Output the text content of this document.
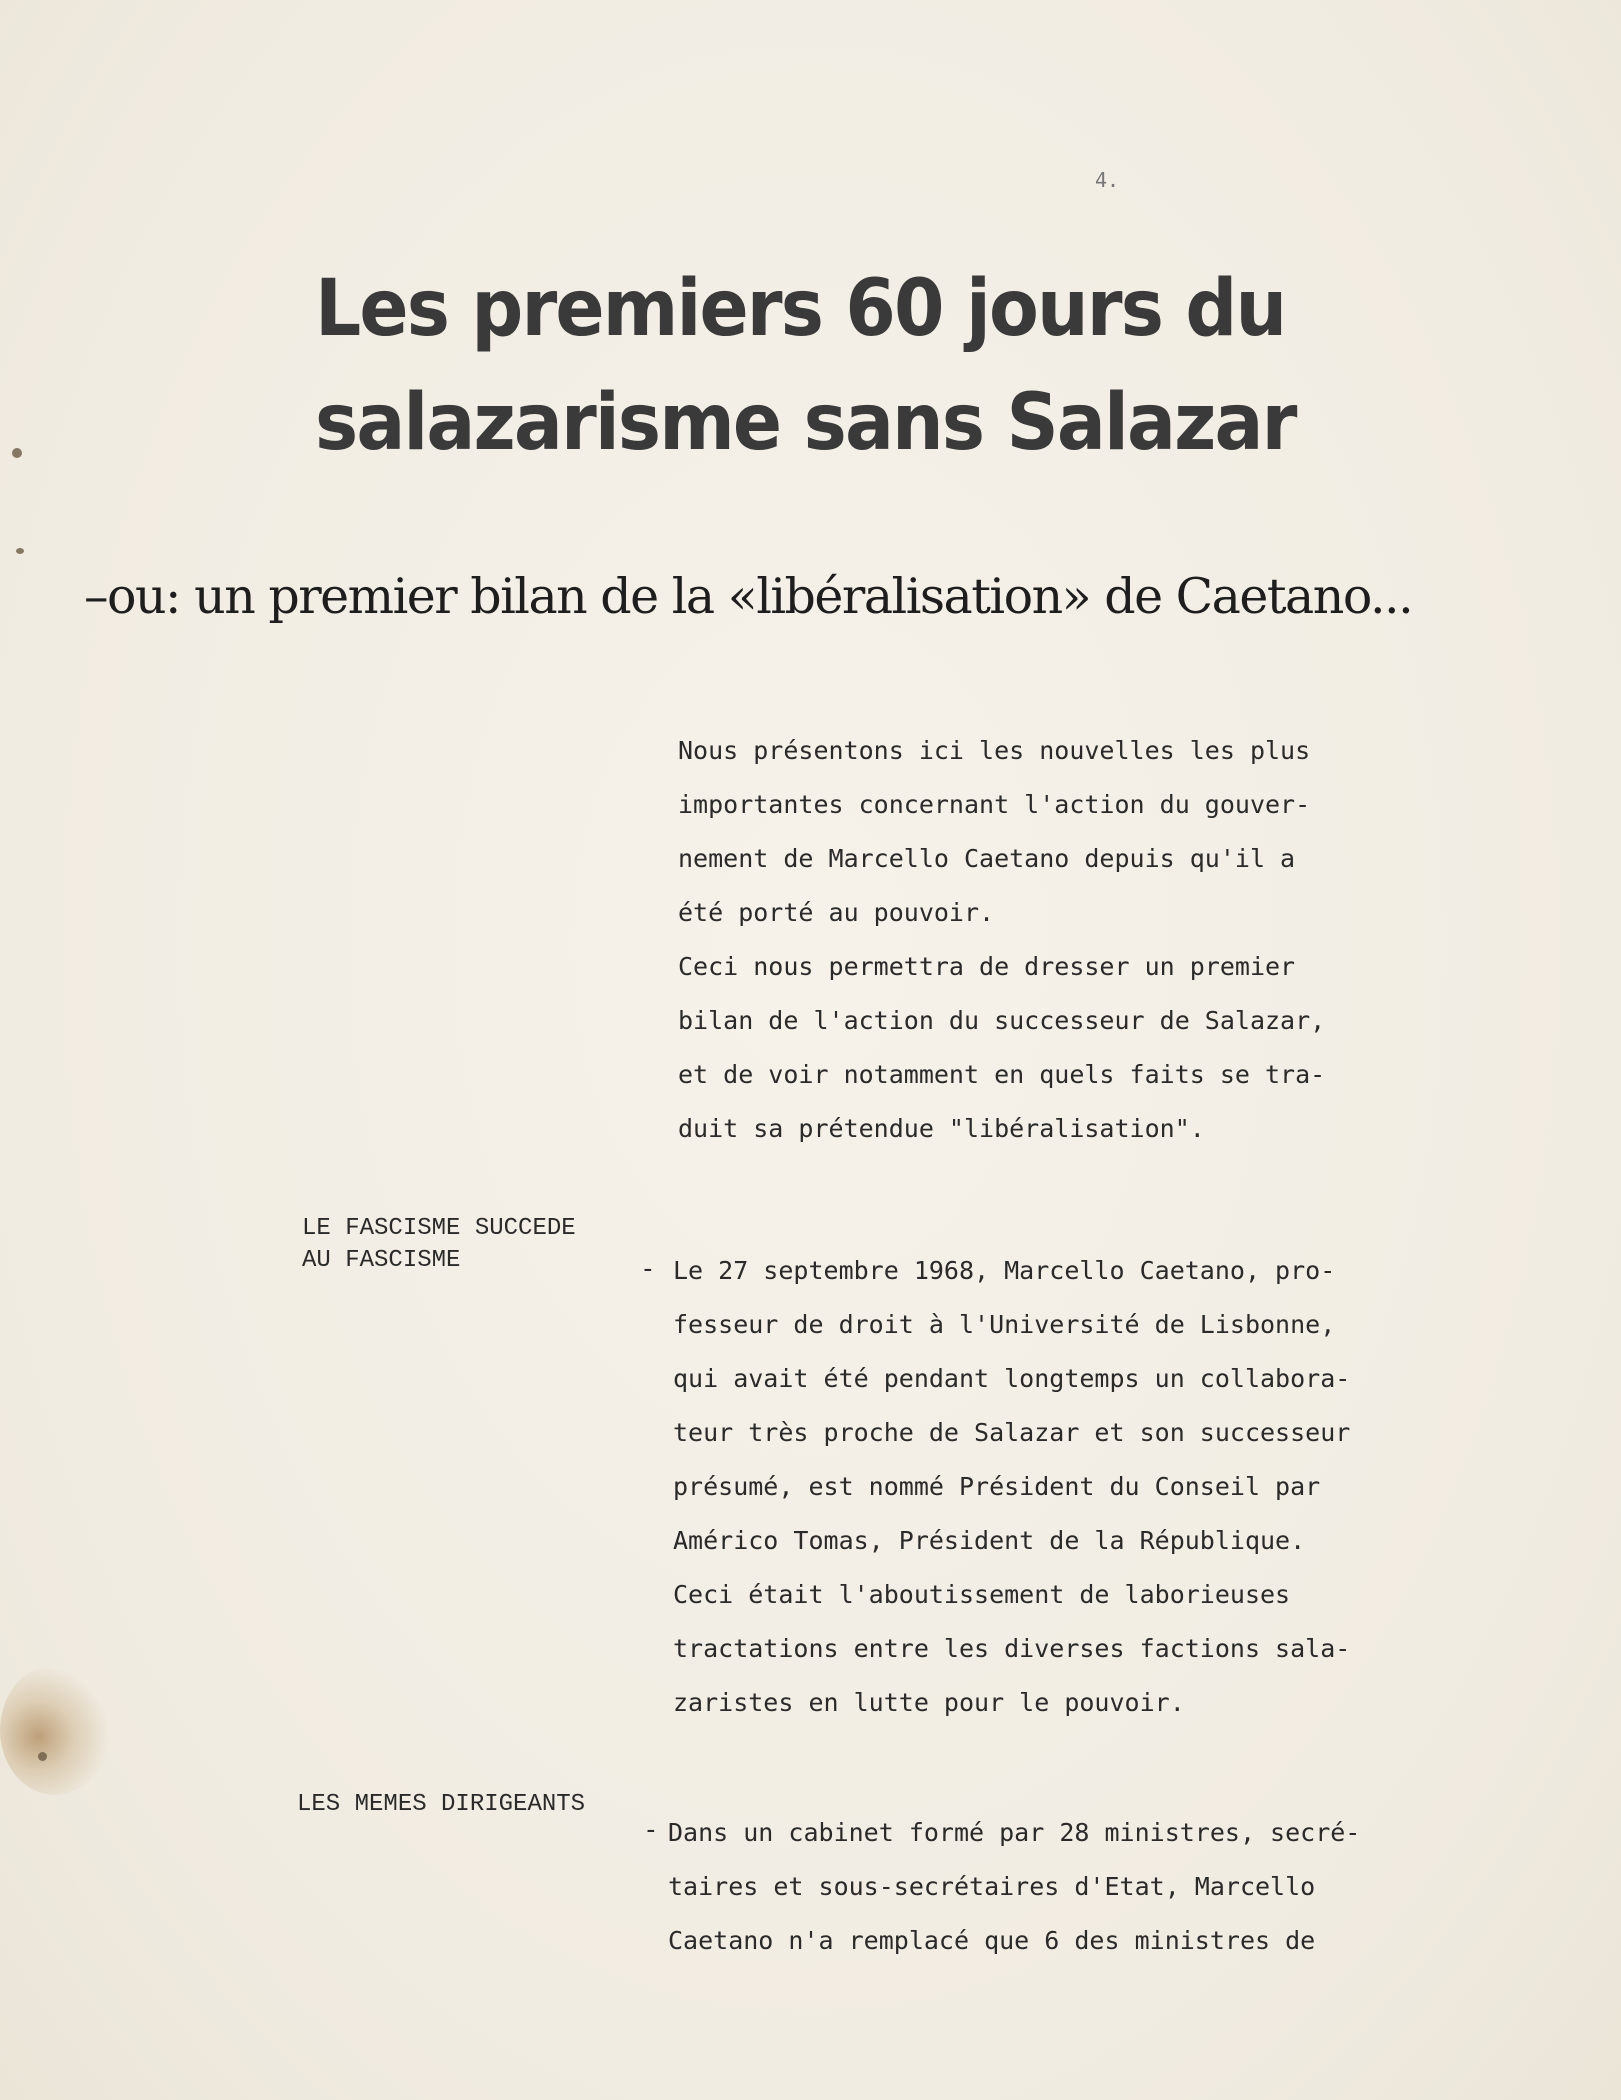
4.
Les premiers 60 jours du
salazarisme sans Salazar
–ou: un premier bilan de la «libéralisation» de Caetano...
Nous présentons ici les nouvelles les plus
importantes concernant l'action du gouver-
nement de Marcello Caetano depuis qu'il a
été porté au pouvoir.
Ceci nous permettra de dresser un premier
bilan de l'action du successeur de Salazar,
et de voir notamment en quels faits se tra-
duit sa prétendue "libéralisation".
LE FASCISME SUCCEDE
AU FASCISME	- Le 27 septembre 1968, Marcello Caetano, pro-
fesseur de droit à l'Université de Lisbonne,
qui avait été pendant longtemps un collabora-
teur très proche de Salazar et son successeur
présumé, est nommé Président du Conseil par
Américo Tomas, Président de la République.
Ceci était l'aboutissement de laborieuses
tractations entre les diverses factions sala-
zaristes en lutte pour le pouvoir.
LES MEMES DIRIGEANTS
- Dans un cabinet formé par 28 ministres, secré-
taires et sous-secrétaires d'Etat, Marcello
Caetano n'a remplacé que 6 des ministres de
